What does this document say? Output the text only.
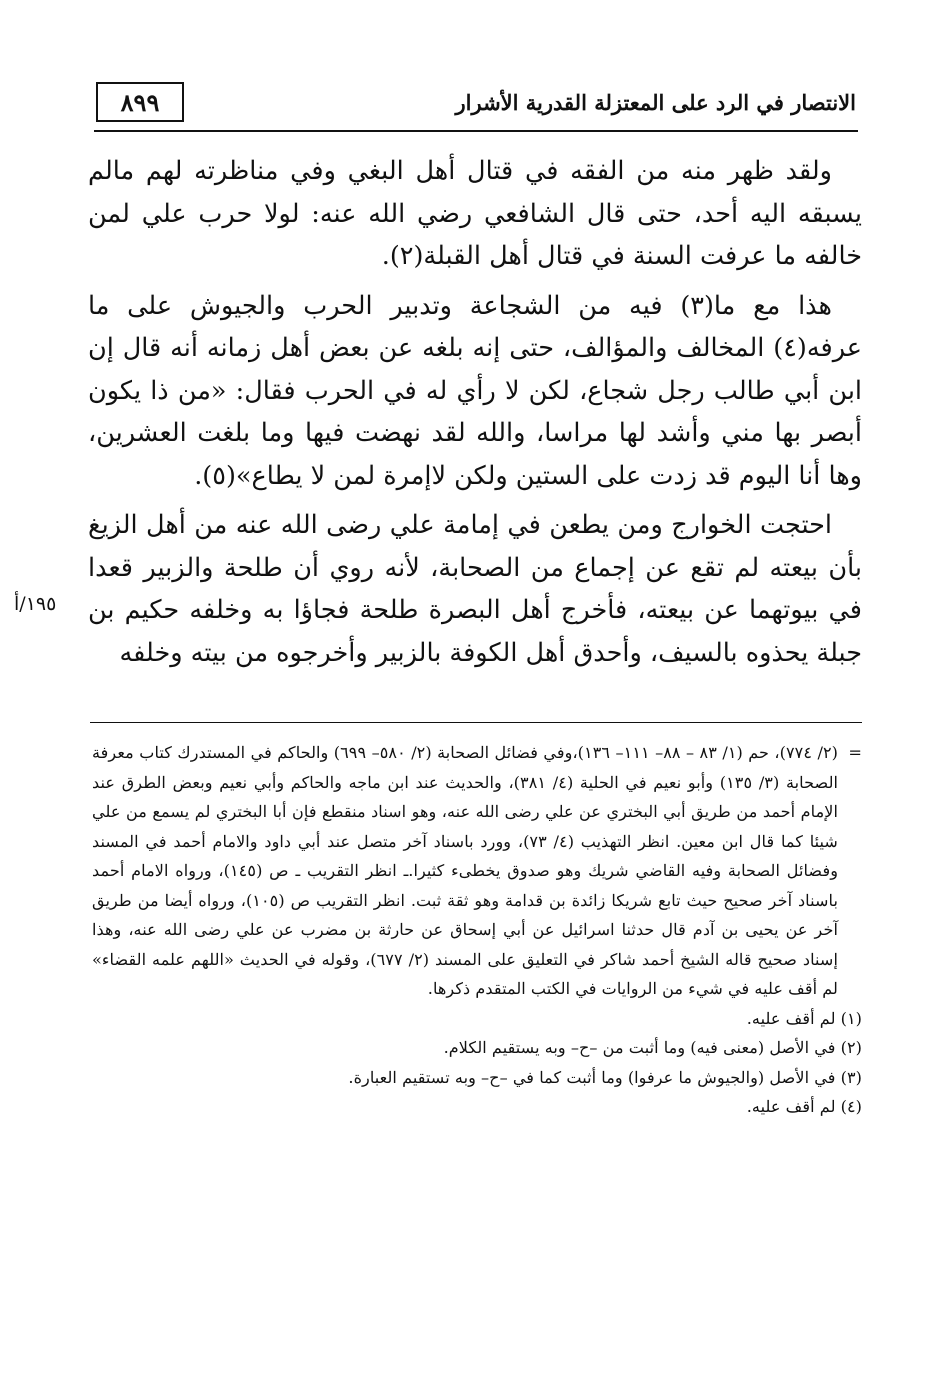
٨٩٩	الانتصار في الرد على المعتزلة القدرية الأشرار
١٩٥/أ

ولقد ظهر منه من الفقه في قتال أهل البغي وفي مناظرته لهم مالم يسبقه اليه أحد، حتى قال الشافعي رضي الله عنه: لولا حرب علي لمن خالفه ما عرفت السنة في قتال أهل القبلة(٢).

هذا مع ما(٣) فيه من الشجاعة وتدبير الحرب والجيوش على ما عرفه(٤) المخالف والمؤالف، حتى إنه بلغه عن بعض أهل زمانه أنه قال إن ابن أبي طالب رجل شجاع، لكن لا رأي له في الحرب فقال: «من ذا يكون أبصر بها مني وأشد لها مراسا، والله لقد نهضت فيها وما بلغت العشرين، وها أنا اليوم قد زدت على الستين ولكن لاإمرة لمن لا يطاع»(٥).

احتجت الخوارج ومن يطعن في إمامة علي رضى الله عنه من أهل الزيغ بأن بيعته لم تقع عن إجماع من الصحابة، لأنه روي أن طلحة والزبير قعدا في بيوتهما عن بيعته، فأخرج أهل البصرة طلحة فجاؤا به وخلفه حكيم بن جبلة يحذوه بالسيف، وأحدق أهل الكوفة بالزبير وأخرجوه من بيته وخلفه

=
(٢/ ٧٧٤)، حم (١/ ٨٣ – ٨٨– ١١١– ١٣٦)،وفي فضائل الصحابة (٢/ ٥٨٠– ٦٩٩) والحاكم في المستدرك كتاب معرفة الصحابة (٣/ ١٣٥) وأبو نعيم في الحلية (٤/ ٣٨١)، والحديث عند ابن ماجه والحاكم وأبي نعيم وبعض الطرق عند الإمام أحمد من طريق أبي البختري عن علي رضى الله عنه، وهو اسناد منقطع فإن أبا البختري لم يسمع من علي شيئا كما قال ابن معين. انظر التهذيب (٤/ ٧٣)، وورد باسناد آخر متصل عند أبي داود والامام أحمد في المسند وفضائل الصحابة وفيه القاضي شريك وهو صدوق يخطىء كثيرا.ـ انظر التقريب ـ ص (١٤٥)، ورواه الامام أحمد باسناد آخر صحيح حيث تابع شريكا زائدة بن قدامة وهو ثقة ثبت. انظر التقريب ص (١٠٥)، ورواه أيضا من طريق آخر عن يحيى بن آدم قال حدثنا اسرائيل عن أبي إسحاق عن حارثة بن مضرب عن علي رضى الله عنه، وهذا إسناد صحيح قاله الشيخ أحمد شاكر في التعليق على المسند (٢/ ٦٧٧)، وقوله في الحديث «اللهم علمه القضاء» لم أقف عليه في شيء من الروايات في الكتب المتقدم ذكرها.

(١) لم أقف عليه.

(٢) في الأصل (معنى فيه) وما أثبت من –ح– وبه يستقيم الكلام.

(٣) في الأصل (والجيوش ما عرفوا) وما أثبت كما في –ح– وبه تستقيم العبارة.

(٤) لم أقف عليه.
